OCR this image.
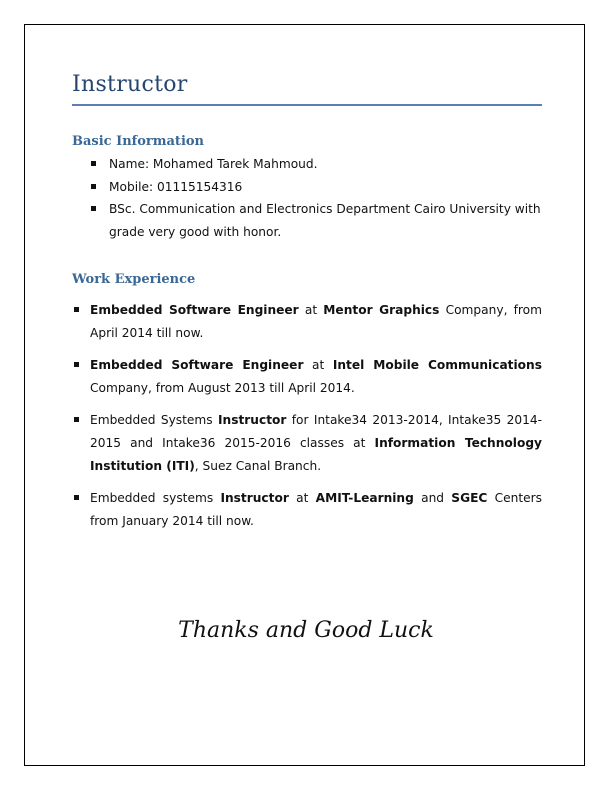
Instructor
Basic Information
Name: Mohamed Tarek Mahmoud.
Mobile: 01115154316
BSc. Communication and Electronics Department Cairo University with grade very good with honor.
Work Experience
Embedded Software Engineer at Mentor Graphics Company, from April 2014 till now.
Embedded Software Engineer at Intel Mobile Communications Company, from August 2013 till April 2014.
Embedded Systems Instructor for Intake34 2013-2014, Intake35 2014-2015 and Intake36 2015-2016 classes at Information Technology Institution (ITI), Suez Canal Branch.
Embedded systems Instructor at AMIT-Learning and SGEC Centers from January 2014 till now.
Thanks and Good Luck
